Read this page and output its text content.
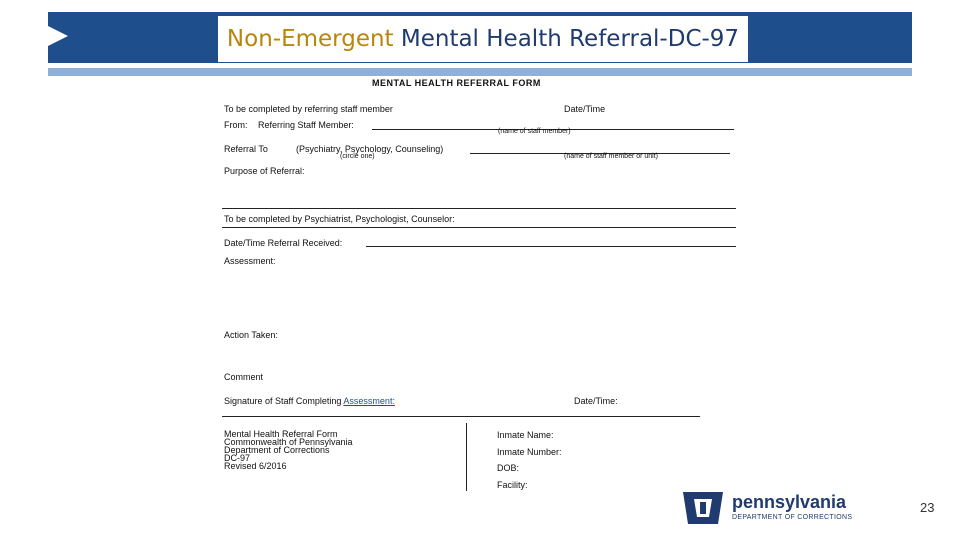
Non-Emergent Mental Health Referral-DC-97
MENTAL HEALTH REFERRAL FORM
To be completed by referring staff member	Date/Time
From: Referring Staff Member:
(name of staff member)
Referral To	(Psychiatry, Psychology, Counseling)
(circle one)	(name of staff member or unit)
Purpose of Referral:
To be completed by Psychiatrist, Psychologist, Counselor:
Date/Time Referral Received:
Assessment:
Action Taken:
Comment
Signature of Staff Completing Assessment:	Date/Time:
Mental Health Referral Form
Commonwealth of Pennsylvania
Department of Corrections
DC-97
Revised 6/2016
Inmate Name:
Inmate Number:
DOB:
Facility:
pennsylvania
DEPARTMENT OF CORRECTIONS
23
